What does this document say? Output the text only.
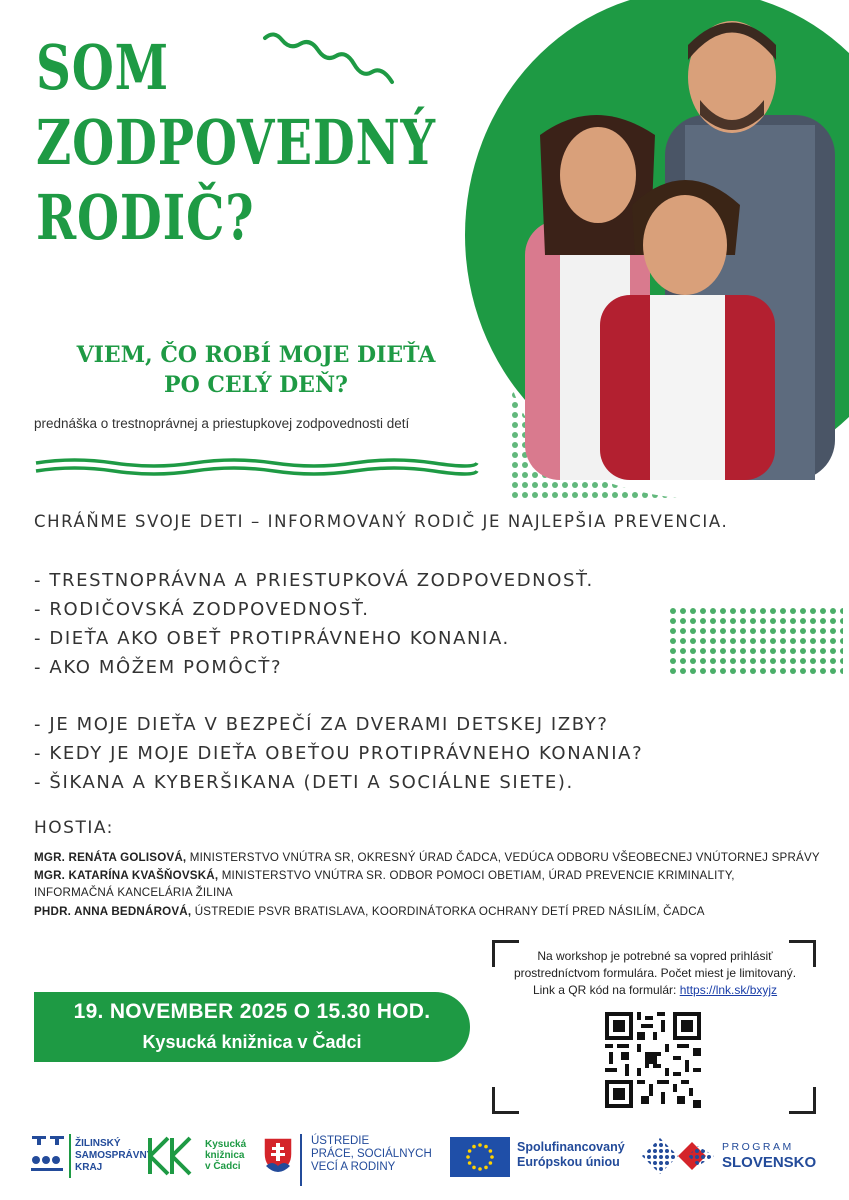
SOM
ZODPOVEDNÝ
RODIČ?
VIEM, ČO ROBÍ MOJE DIEŤA
PO CELÝ DEŇ?
prednáška o trestnoprávnej a priestupkovej zodpovednosti detí
CHRÁŇME SVOJE DETI – INFORMOVANÝ RODIČ JE NAJLEPŠIA PREVENCIA.
- TRESTNOPRÁVNA A PRIESTUPKOVÁ ZODPOVEDNOSŤ.
- RODIČOVSKÁ ZODPOVEDNOSŤ.
- DIEŤA AKO OBEŤ PROTIPRÁVNEHO KONANIA.
- AKO MÔŽEM POMÔCŤ?
- JE MOJE DIEŤA V BEZPEČÍ ZA DVERAMI DETSKEJ IZBY?
- KEDY JE MOJE DIEŤA OBEŤOU PROTIPRÁVNEHO KONANIA?
- ŠIKANA A KYBERŠIKANA (DETI A SOCIÁLNE SIETE).
HOSTIA:
MGR. RENÁTA GOLISOVÁ, MINISTERSTVO VNÚTRA SR, OKRESNÝ ÚRAD ČADCA, VEDÚCA ODBORU VŠEOBECNEJ VNÚTORNEJ SPRÁVY
MGR. KATARÍNA KVAŠŇOVSKÁ, MINISTERSTVO VNÚTRA SR. ODBOR POMOCI OBETIAM, ÚRAD PREVENCIE KRIMINALITY,
INFORMAČNÁ KANCELÁRIA ŽILINA
PHDR. ANNA BEDNÁROVÁ, ÚSTREDIE PSVR BRATISLAVA, KOORDINÁTORKA OCHRANY DETÍ PRED NÁSILÍM, ČADCA
19. NOVEMBER 2025 O 15.30 HOD.
Kysucká knižnica v Čadci
Na workshop je potrebné sa vopred prihlásiť
prostredníctvom formulára. Počet miest je limitovaný.
Link a QR kód na formulár: https://lnk.sk/bxyjz
ŽILINSKÝ
SAMOSPRÁVNY
KRAJ
Kysucká
knižnica
v Čadci
ÚSTREDIE
PRÁCE, SOCIÁLNYCH
VECÍ A RODINY
Spolufinancovaný
Európskou úniou
PROGRAM
SLOVENSKO
